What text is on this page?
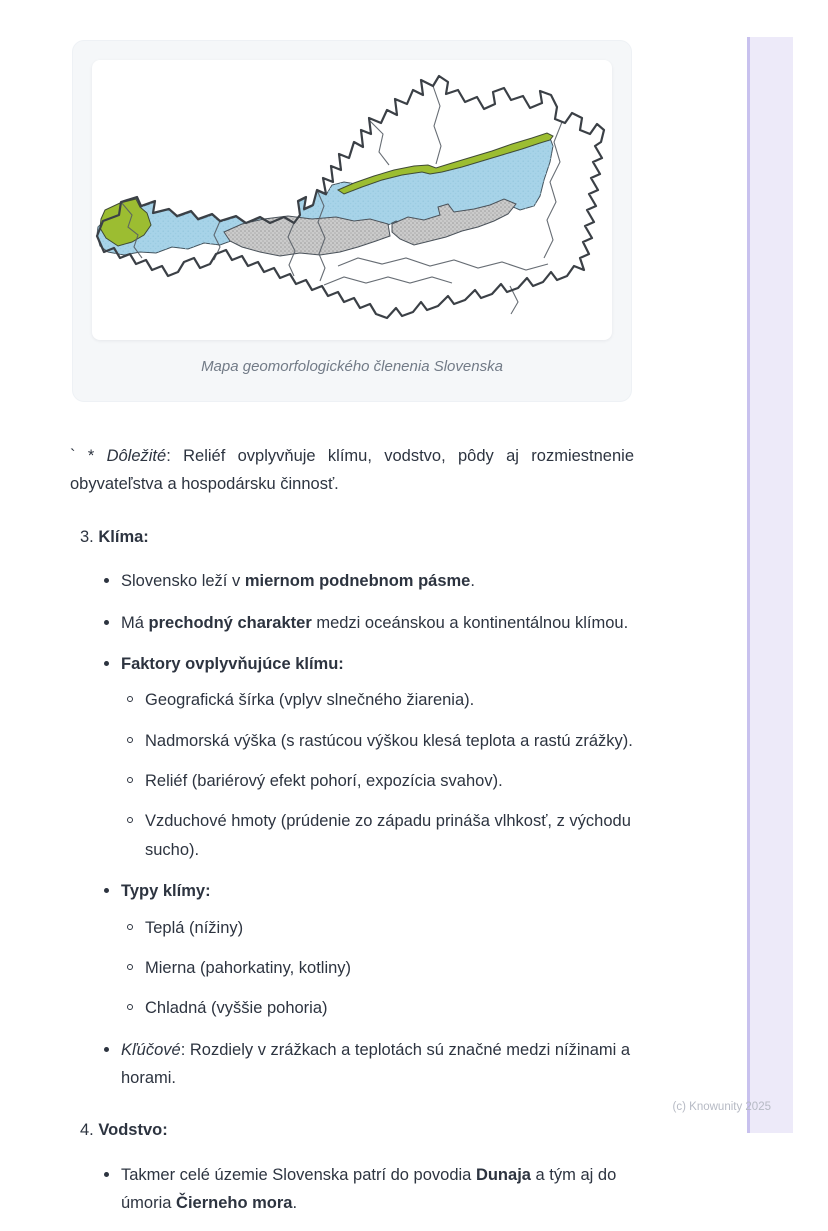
Mapa geomorfologického členenia Slovenska

` * Dôležité: Reliéf ovplyvňuje klímu, vodstvo, pôdy aj rozmiestnenie obyvateľstva a hospodársku činnosť.

3. Klíma:
Slovensko leží v miernom podnebnom pásme.
Má prechodný charakter medzi oceánskou a kontinentálnou klímou.
Faktory ovplyvňujúce klímu:
Geografická šírka (vplyv slnečného žiarenia).
Nadmorská výška (s rastúcou výškou klesá teplota a rastú zrážky).
Reliéf (bariérový efekt pohorí, expozícia svahov).
Vzduchové hmoty (prúdenie zo západu prináša vlhkosť, z východu sucho).
Typy klímy:
Teplá (nížiny)
Mierna (pahorkatiny, kotliny)
Chladná (vyššie pohoria)
Kľúčové: Rozdiely v zrážkach a teplotách sú značné medzi nížinami a horami.
4. Vodstvo:
Takmer celé územie Slovenska patrí do povodia Dunaja a tým aj do úmoria Čierneho mora.
(c) Knowunity 2025
